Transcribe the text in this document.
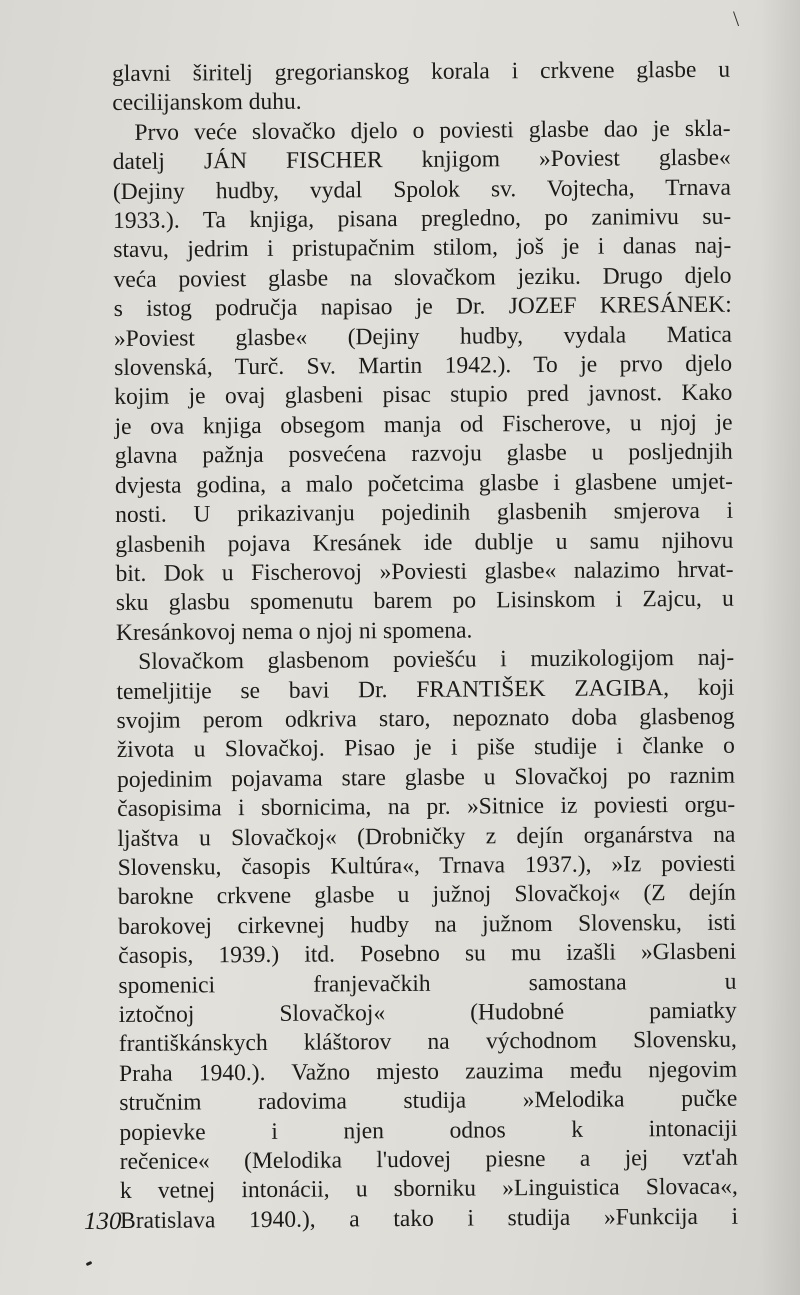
\
glavni širitelj gregorianskog korala i crkvene glasbe u
cecilijanskom duhu.
Prvo veće slovačko djelo o poviesti glasbe dao je skla-
datelj JÁN FISCHER knjigom »Poviest glasbe«
(Dejiny hudby, vydal Spolok sv. Vojtecha, Trnava
1933.). Ta knjiga, pisana pregledno, po zanimivu su-
stavu, jedrim i pristupačnim stilom, još je i danas naj-
veća poviest glasbe na slovačkom jeziku. Drugo djelo
s istog područja napisao je Dr. JOZEF KRESÁNEK:
»Poviest glasbe« (Dejiny hudby, vydala Matica
slovenská, Turč. Sv. Martin 1942.). To je prvo djelo
kojim je ovaj glasbeni pisac stupio pred javnost. Kako
je ova knjiga obsegom manja od Fischerove, u njoj je
glavna pažnja posvećena razvoju glasbe u posljednjih
dvjesta godina, a malo početcima glasbe i glasbene umjet-
nosti. U prikazivanju pojedinih glasbenih smjerova i
glasbenih pojava Kresánek ide dublje u samu njihovu
bit. Dok u Fischerovoj »Poviesti glasbe« nalazimo hrvat-
sku glasbu spomenutu barem po Lisinskom i Zajcu, u
Kresánkovoj nema o njoj ni spomena.
Slovačkom glasbenom poviešću i muzikologijom naj-
temeljitije se bavi Dr. FRANTIŠEK ZAGIBA, koji
svojim perom odkriva staro, nepoznato doba glasbenog
života u Slovačkoj. Pisao je i piše studije i članke o
pojedinim pojavama stare glasbe u Slovačkoj po raznim
časopisima i sbornicima, na pr. »Sitnice iz poviesti orgu-
ljaštva u Slovačkoj« (Drobničky z dejín organárstva na
Slovensku, časopis Kultúra«, Trnava 1937.), »Iz poviesti
barokne crkvene glasbe u južnoj Slovačkoj« (Z dejín
barokovej cirkevnej hudby na južnom Slovensku, isti
časopis, 1939.) itd. Posebno su mu izašli »Glasbeni
spomenici franjevačkih samostana u
iztočnoj Slovačkoj« (Hudobné pamiatky
františkánskych kláštorov na východnom Slovensku,
Praha 1940.). Važno mjesto zauzima među njegovim
stručnim radovima studija »Melodika pučke
popievke i njen odnos k intonaciji
rečenice« (Melodika l'udovej piesne a jej vzt'ah
k vetnej intonácii, u sborniku »Linguistica Slovaca«,
Bratislava 1940.), a tako i studija »Funkcija i
130
